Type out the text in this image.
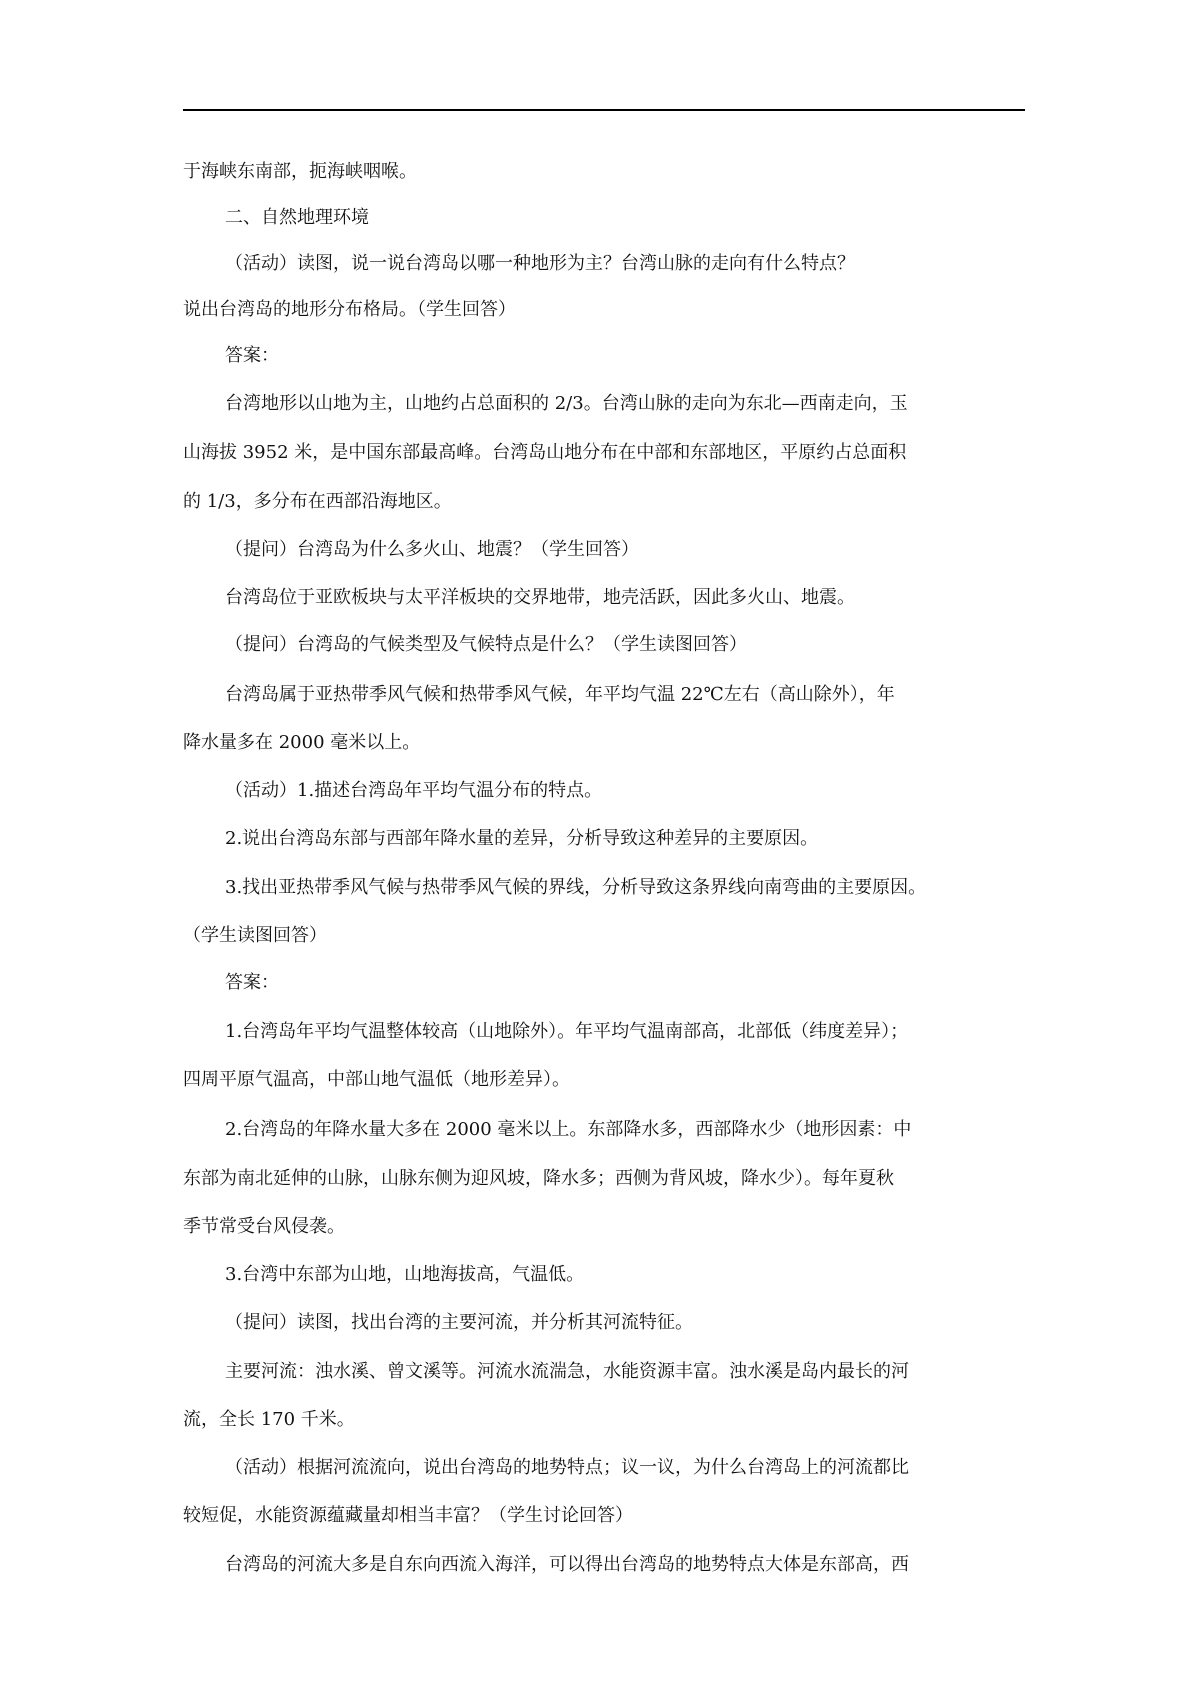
于海峡东南部，扼海峡咽喉。
二、自然地理环境
（活动）读图，说一说台湾岛以哪一种地形为主？台湾山脉的走向有什么特点？
说出台湾岛的地形分布格局。（学生回答）
答案：
台湾地形以山地为主，山地约占总面积的 2/3。台湾山脉的走向为东北—西南走向，玉
山海拔 3952 米，是中国东部最高峰。台湾岛山地分布在中部和东部地区，平原约占总面积
的 1/3，多分布在西部沿海地区。
（提问）台湾岛为什么多火山、地震？（学生回答）
台湾岛位于亚欧板块与太平洋板块的交界地带，地壳活跃，因此多火山、地震。
（提问）台湾岛的气候类型及气候特点是什么？（学生读图回答）
台湾岛属于亚热带季风气候和热带季风气候，年平均气温 22℃左右（高山除外），年
降水量多在 2000 毫米以上。
（活动）1.描述台湾岛年平均气温分布的特点。
2.说出台湾岛东部与西部年降水量的差异，分析导致这种差异的主要原因。
3.找出亚热带季风气候与热带季风气候的界线，分析导致这条界线向南弯曲的主要原因。
（学生读图回答）
答案：
1.台湾岛年平均气温整体较高（山地除外）。年平均气温南部高，北部低（纬度差异）；
四周平原气温高，中部山地气温低（地形差异）。
2.台湾岛的年降水量大多在 2000 毫米以上。东部降水多，西部降水少（地形因素：中
东部为南北延伸的山脉，山脉东侧为迎风坡，降水多；西侧为背风坡，降水少）。每年夏秋
季节常受台风侵袭。
3.台湾中东部为山地，山地海拔高，气温低。
（提问）读图，找出台湾的主要河流，并分析其河流特征。
主要河流：浊水溪、曾文溪等。河流水流湍急，水能资源丰富。浊水溪是岛内最长的河
流，全长 170 千米。
（活动）根据河流流向，说出台湾岛的地势特点；议一议，为什么台湾岛上的河流都比
较短促，水能资源蕴藏量却相当丰富？（学生讨论回答）
台湾岛的河流大多是自东向西流入海洋，可以得出台湾岛的地势特点大体是东部高，西
